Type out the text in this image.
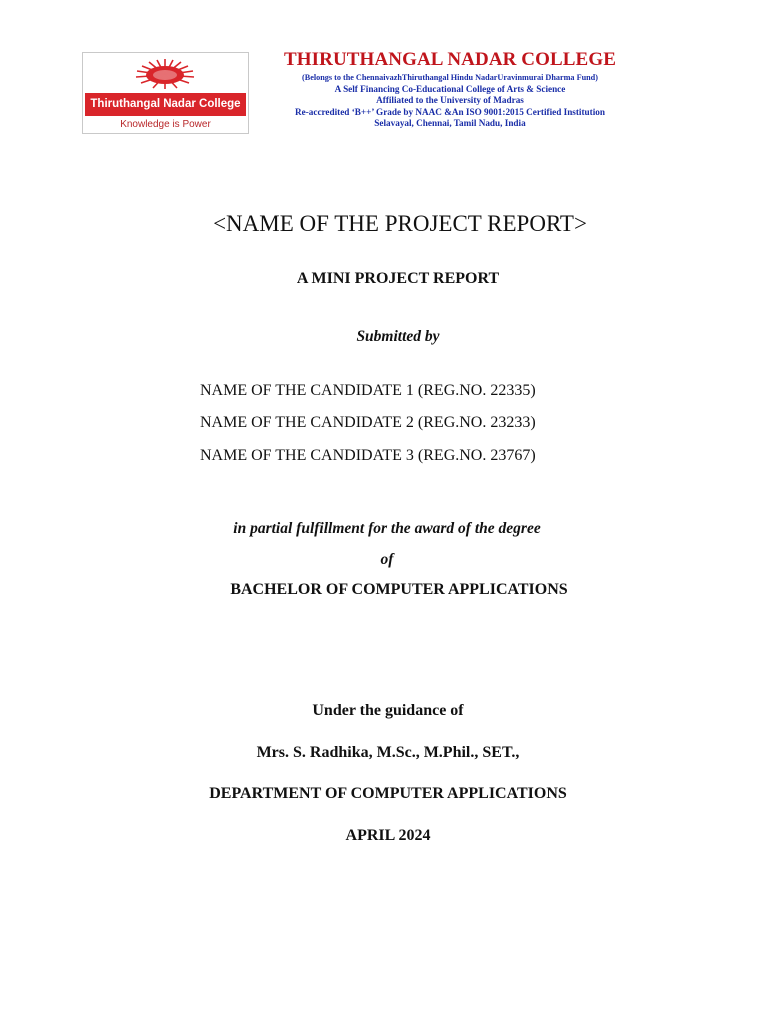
Thiruthangal Nadar College
Knowledge is Power
THIRUTHANGAL NADAR COLLEGE
(Belongs to the ChennaivazhThiruthangal Hindu NadarUravinmurai Dharma Fund)
A Self Financing Co-Educational College of Arts & Science
Affiliated to the University of Madras
Re-accredited ‘B++’ Grade by NAAC &An ISO 9001:2015 Certified Institution
Selavayal, Chennai, Tamil Nadu, India
<NAME OF THE PROJECT REPORT>
A MINI PROJECT REPORT
Submitted by
NAME OF THE CANDIDATE 1 (REG.NO. 22335)
NAME OF THE CANDIDATE 2 (REG.NO. 23233)
NAME OF THE CANDIDATE 3 (REG.NO. 23767)
in partial fulfillment for the award of the degree
of
BACHELOR OF COMPUTER APPLICATIONS
Under the guidance of
Mrs. S. Radhika, M.Sc., M.Phil., SET.,
DEPARTMENT OF COMPUTER APPLICATIONS
APRIL 2024
